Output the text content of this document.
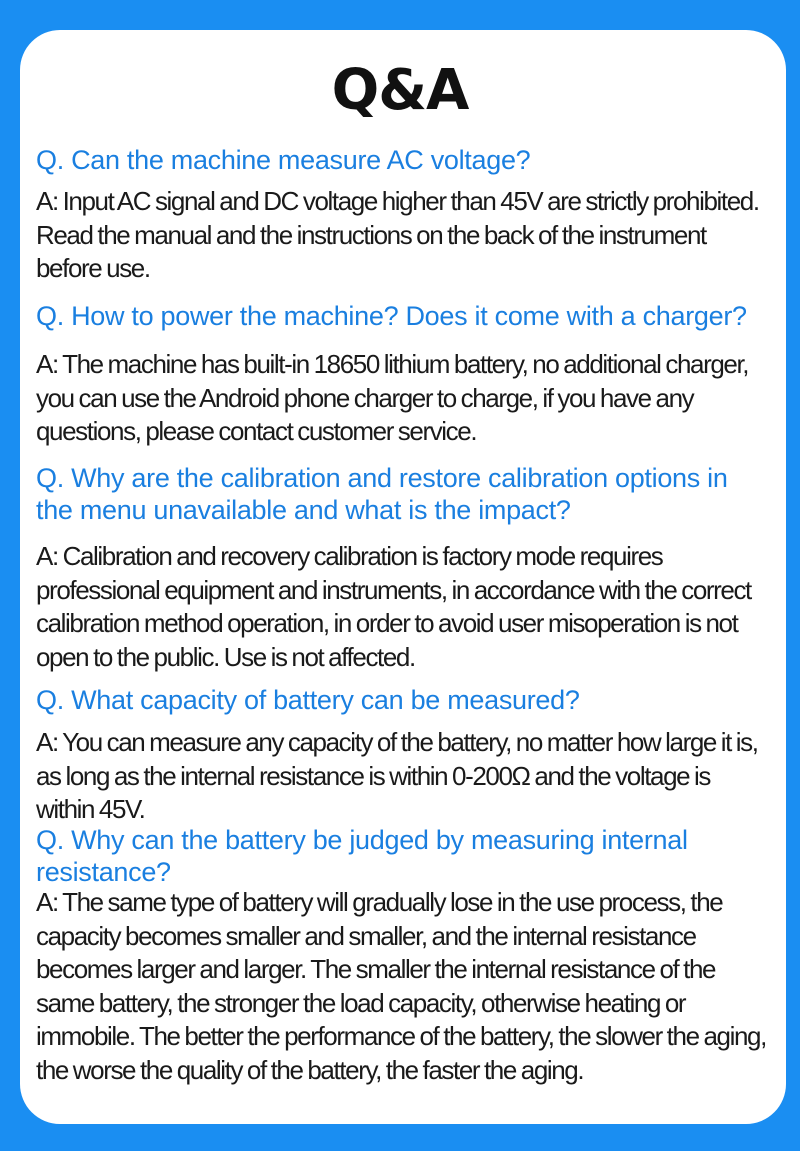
Q&A

Q. Can the machine measure AC voltage?

A: Input AC signal and DC voltage higher than 45V are strictly prohibited. Read the manual and the instructions on the back of the instrument before use.

Q. How to power the machine? Does it come with a charger?

A: The machine has built-in 18650 lithium battery, no additional charger, you can use the Android phone charger to charge, if you have any questions, please contact customer service.

Q. Why are the calibration and restore calibration options in the menu unavailable and what is the impact?

A: Calibration and recovery calibration is factory mode requires professional equipment and instruments, in accordance with the correct calibration method operation, in order to avoid user misoperation is not open to the public. Use is not affected.

Q. What capacity of battery can be measured?

A: You can measure any capacity of the battery, no matter how large it is, as long as the internal resistance is within 0-200Ω and the voltage is within 45V.

Q. Why can the battery be judged by measuring internal resistance?

A: The same type of battery will gradually lose in the use process, the capacity becomes smaller and smaller, and the internal resistance becomes larger and larger. The smaller the internal resistance of the same battery, the stronger the load capacity, otherwise heating or immobile. The better the performance of the battery, the slower the aging, the worse the quality of the battery, the faster the aging.
